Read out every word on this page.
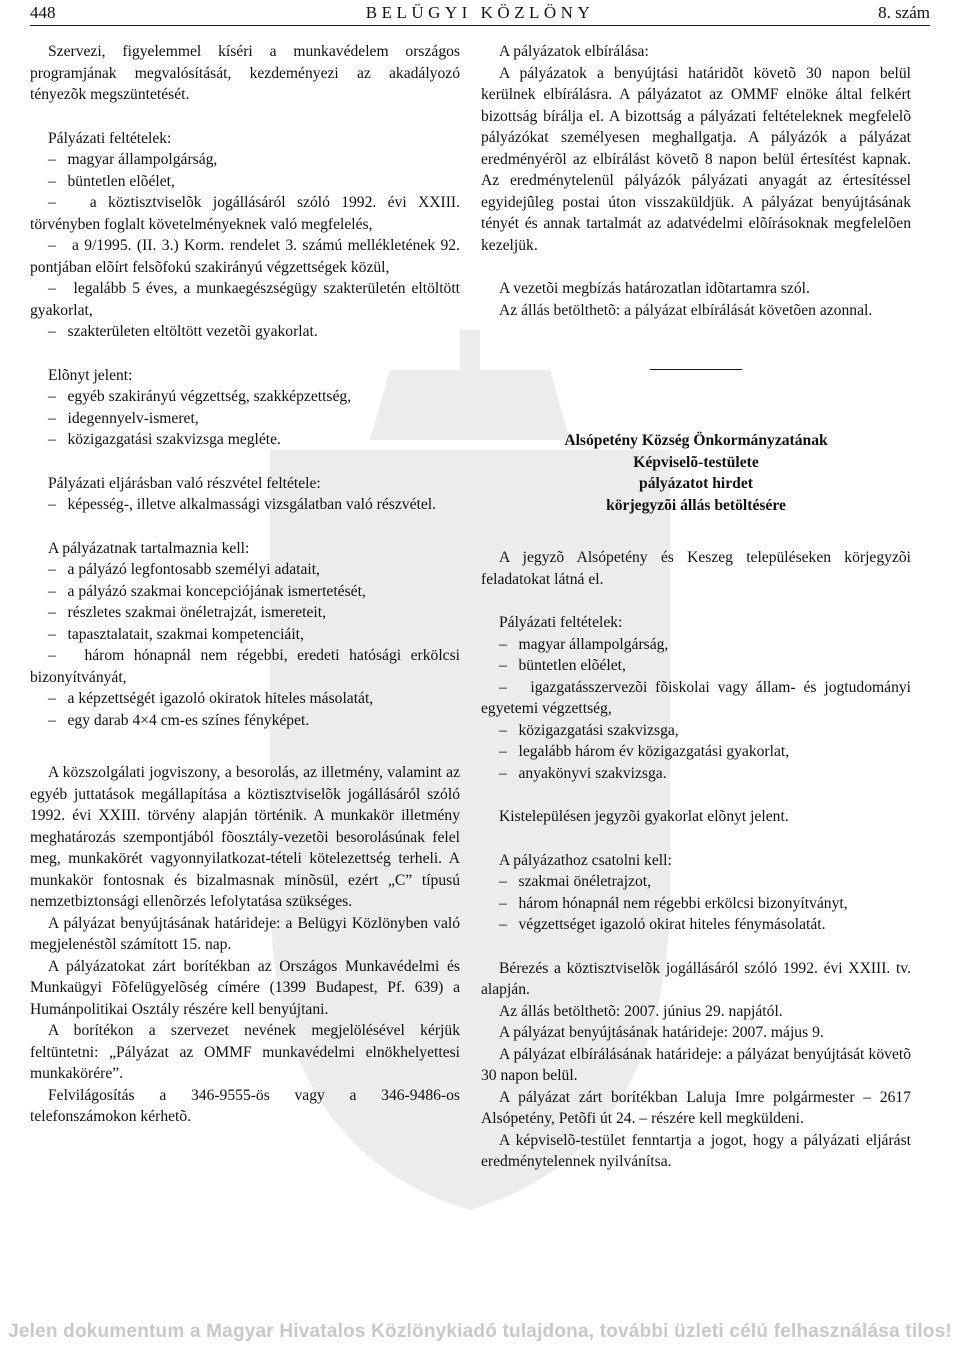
448	BELÜGYI KÖZLÖNY	8. szám

Szervezi, figyelemmel kíséri a munkavédelem országos programjának megvalósítását, kezdeményezi az akadályozó tényezõk megszüntetését.

Pályázati feltételek:

–   magyar állampolgárság,

–   büntetlen elõélet,

–   a köztisztviselõk jogállásáról szóló 1992. évi XXIII. törvényben foglalt követelményeknek való megfelelés,

–   a 9/1995. (II. 3.) Korm. rendelet 3. számú mellékletének 92. pontjában elõírt felsõfokú szakirányú végzettségek közül,

–   legalább 5 éves, a munkaegészségügy szakterületén eltöltött gyakorlat,

–   szakterületen eltöltött vezetõi gyakorlat.

Elõnyt jelent:

–   egyéb szakirányú végzettség, szakképzettség,

–   idegennyelv-ismeret,

–   közigazgatási szakvizsga megléte.

Pályázati eljárásban való részvétel feltétele:

–   képesség-, illetve alkalmassági vizsgálatban való részvétel.

A pályázatnak tartalmaznia kell:

–   a pályázó legfontosabb személyi adatait,

–   a pályázó szakmai koncepciójának ismertetését,

–   részletes szakmai önéletrajzát, ismereteit,

–   tapasztalatait, szakmai kompetenciáit,

–   három hónapnál nem régebbi, eredeti hatósági erkölcsi bizonyítványát,

–   a képzettségét igazoló okiratok hiteles másolatát,

–   egy darab 4×4 cm-es színes fényképet.

A közszolgálati jogviszony, a besorolás, az illetmény, valamint az egyéb juttatások megállapítása a köztisztviselõk jogállásáról szóló 1992. évi XXIII. törvény alapján történik. A munkakör illetmény meghatározás szempontjából fõosztály-vezetõi besorolásúnak felel meg, munkakörét vagyonnyilatkozat-tételi kötelezettség terheli. A munkakör fontosnak és bizalmasnak minõsül, ezért „C” típusú nemzetbiztonsági ellenõrzés lefolytatása szükséges.

A pályázat benyújtásának határideje: a Belügyi Közlönyben való megjelenéstõl számított 15. nap.

A pályázatokat zárt borítékban az Országos Munkavédelmi és Munkaügyi Fõfelügyelõség címére (1399 Budapest, Pf. 639) a Humánpolitikai Osztály részére kell benyújtani.

A borítékon a szervezet nevének megjelölésével kérjük feltüntetni: „Pályázat az OMMF munkavédelmi elnökhelyettesi munkakörére”.

Felvilágosítás a 346-9555-ös vagy a 346-9486-os telefonszámokon kérhetõ.

A pályázatok elbírálása:

A pályázatok a benyújtási határidõt követõ 30 napon belül kerülnek elbírálásra. A pályázatot az OMMF elnöke által felkért bizottság bírálja el. A bizottság a pályázati feltételeknek megfelelõ pályázókat személyesen meghallgatja. A pályázók a pályázat eredményérõl az elbírálást követõ 8 napon belül értesítést kapnak. Az eredménytelenül pályázók pályázati anyagát az értesítéssel egyidejûleg postai úton visszaküldjük. A pályázat benyújtásának tényét és annak tartalmát az adatvédelmi elõírásoknak megfelelõen kezeljük.

A vezetõi megbízás határozatlan idõtartamra szól.

Az állás betölthetõ: a pályázat elbírálását követõen azonnal.

Alsópetény Község Önkormányzatának

Képviselõ-testülete

pályázatot hirdet

körjegyzõi állás betöltésére

A jegyzõ Alsópetény és Keszeg településeken körjegyzõi feladatokat látná el.

Pályázati feltételek:

–   magyar állampolgárság,

–   büntetlen elõélet,

–   igazgatásszervezõi fõiskolai vagy állam- és jogtudományi egyetemi végzettség,

–   közigazgatási szakvizsga,

–   legalább három év közigazgatási gyakorlat,

–   anyakönyvi szakvizsga.

Kistelepülésen jegyzõi gyakorlat elõnyt jelent.

A pályázathoz csatolni kell:

–   szakmai önéletrajzot,

–   három hónapnál nem régebbi erkölcsi bizonyítványt,

–   végzettséget igazoló okirat hiteles fénymásolatát.

Bérezés a köztisztviselõk jogállásáról szóló 1992. évi XXIII. tv. alapján.

Az állás betölthetõ: 2007. június 29. napjától.

A pályázat benyújtásának határideje: 2007. május 9.

A pályázat elbírálásának határideje: a pályázat benyújtását követõ 30 napon belül.

A pályázat zárt borítékban Laluja Imre polgármester – 2617 Alsópetény, Petõfi út 24. – részére kell megküldeni.

A képviselõ-testület fenntartja a jogot, hogy a pályázati eljárást eredménytelennek nyilvánítsa.

Jelen dokumentum a Magyar Hivatalos Közlönykiadó tulajdona, további üzleti célú felhasználása tilos!
